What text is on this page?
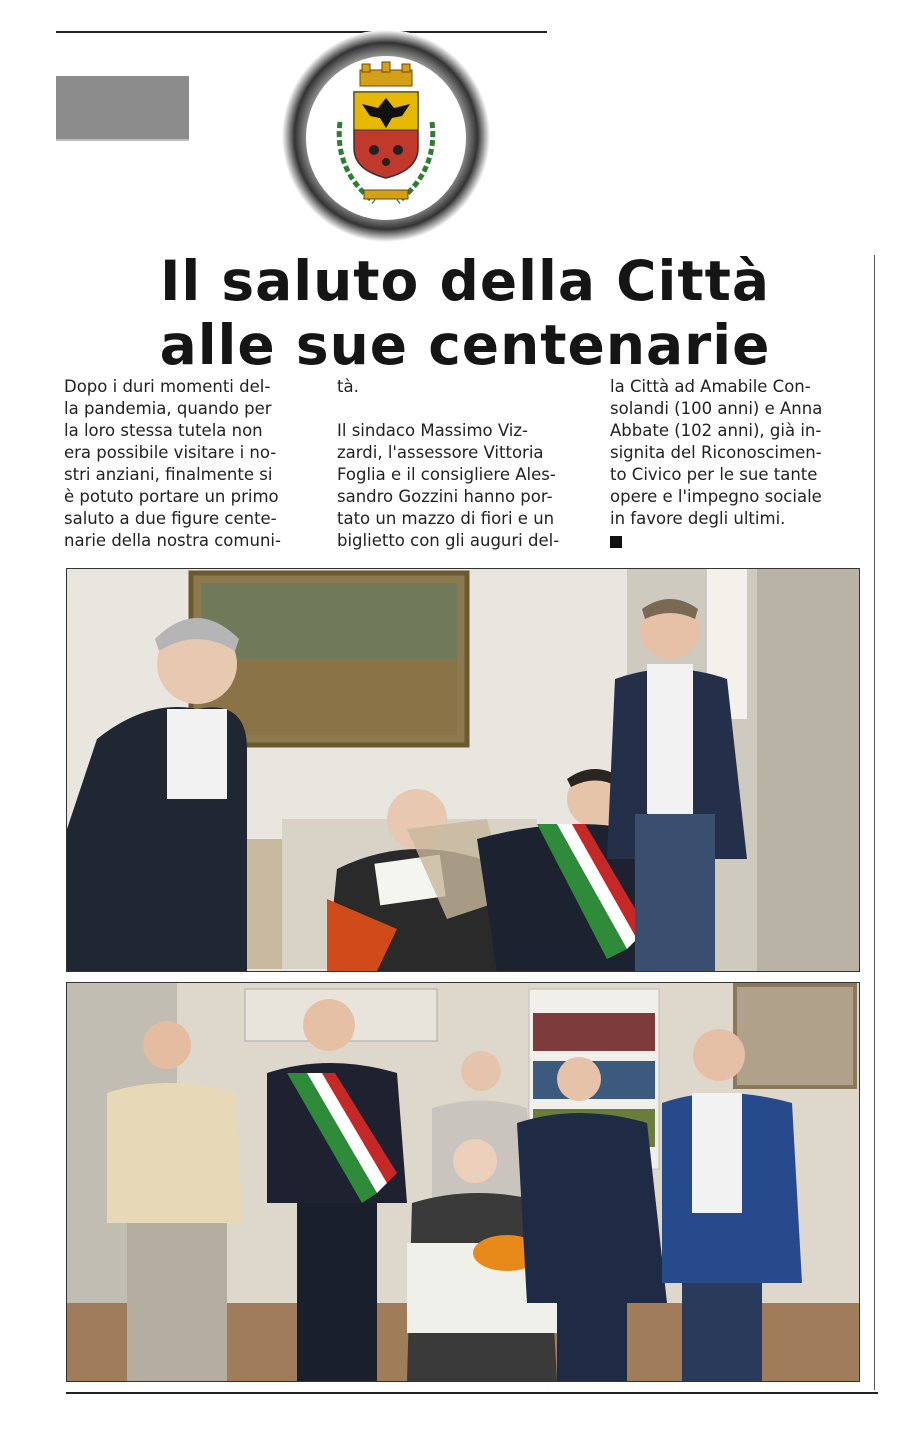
Il saluto della Città
alle sue centenarie

Dopo i duri momenti del-

la pandemia, quando per

la loro stessa tutela non

era possibile visitare i no-

stri anziani, finalmente si

è potuto portare un primo

saluto a due figure cente-

narie della nostra comuni-

tà.

Il sindaco Massimo Viz-

zardi, l'assessore Vittoria

Foglia e il consigliere Ales-

sandro Gozzini hanno por-

tato un mazzo di fiori e un

biglietto con gli auguri del-

la Città ad Amabile Con-

solandi (100 anni) e Anna

Abbate (102 anni), già in-

signita del Riconoscimen-

to Civico per le sue tante

opere e l'impegno sociale

in favore degli ultimi.
